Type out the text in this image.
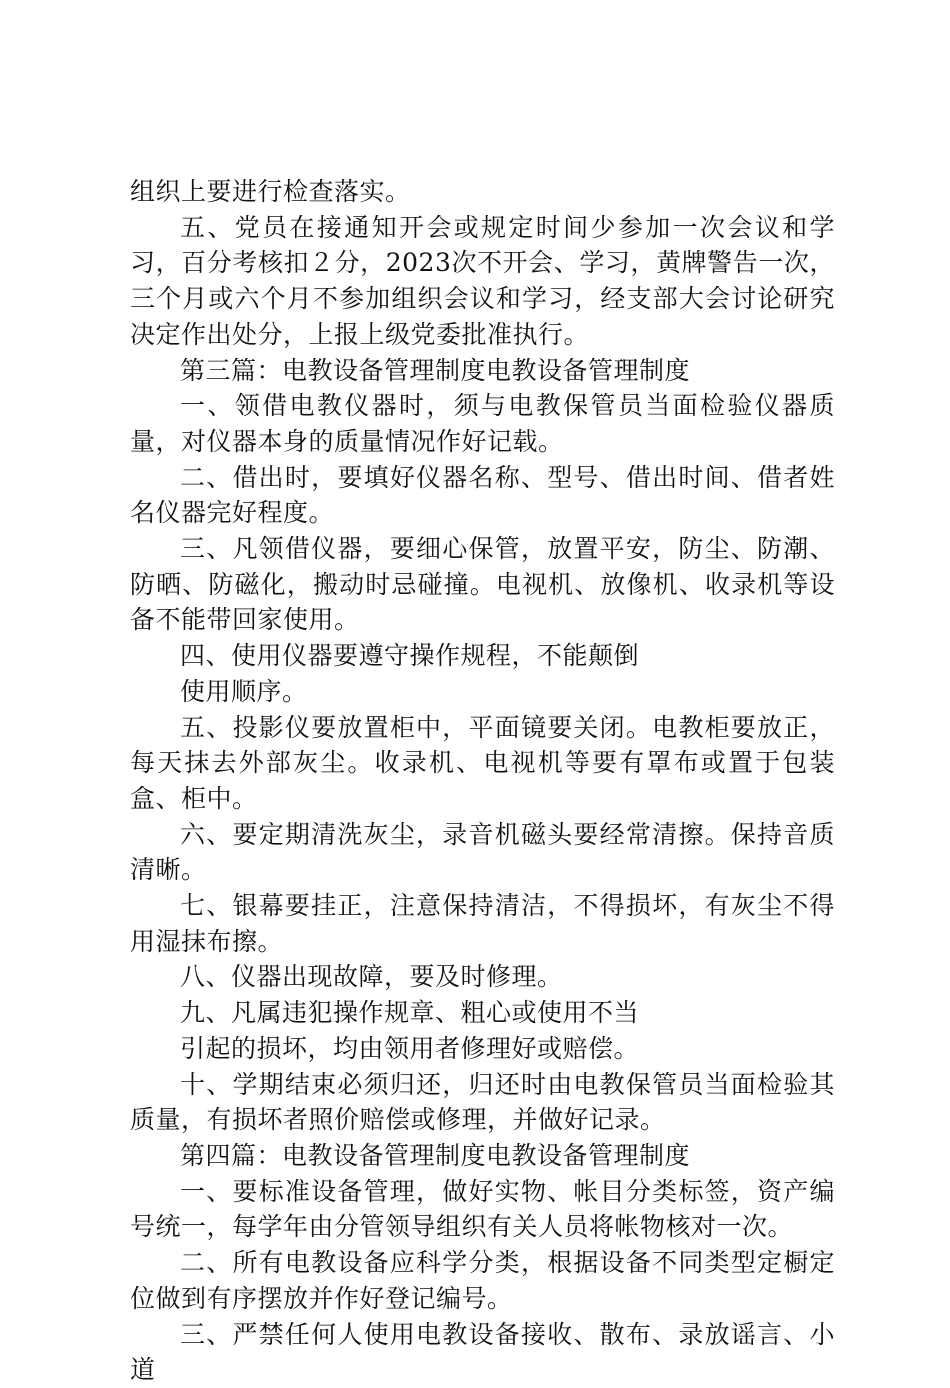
组织上要进行检查落实。

五、党员在接通知开会或规定时间少参加一次会议和学习，百分考核扣２分，2023次不开会、学习，黄牌警告一次，三个月或六个月不参加组织会议和学习，经支部大会讨论研究决定作出处分，上报上级党委批准执行。

第三篇：电教设备管理制度电教设备管理制度

一、领借电教仪器时，须与电教保管员当面检验仪器质量，对仪器本身的质量情况作好记载。

二、借出时，要填好仪器名称、型号、借出时间、借者姓名仪器完好程度。

三、凡领借仪器，要细心保管，放置平安，防尘、防潮、防晒、防磁化，搬动时忌碰撞。电视机、放像机、收录机等设备不能带回家使用。

四、使用仪器要遵守操作规程，不能颠倒

使用顺序。

五、投影仪要放置柜中，平面镜要关闭。电教柜要放正，每天抹去外部灰尘。收录机、电视机等要有罩布或置于包装盒、柜中。

六、要定期清洗灰尘，录音机磁头要经常清擦。保持音质清晰。

七、银幕要挂正，注意保持清洁，不得损坏，有灰尘不得用湿抹布擦。

八、仪器出现故障，要及时修理。

九、凡属违犯操作规章、粗心或使用不当

引起的损坏，均由领用者修理好或赔偿。

十、学期结束必须归还，归还时由电教保管员当面检验其质量，有损坏者照价赔偿或修理，并做好记录。

第四篇：电教设备管理制度电教设备管理制度

一、要标准设备管理，做好实物、帐目分类标签，资产编号统一，每学年由分管领导组织有关人员将帐物核对一次。

二、所有电教设备应科学分类，根据设备不同类型定橱定位做到有序摆放并作好登记编号。

三、严禁任何人使用电教设备接收、散布、录放谣言、小道
